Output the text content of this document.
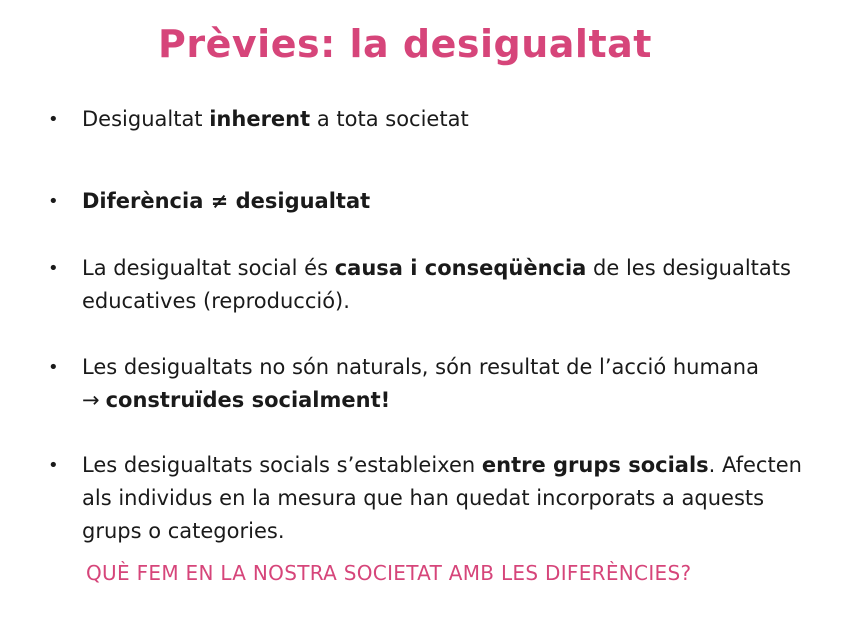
Prèvies: la desigualtat
•	Desigualtat inherent a tota societat
•	Diferència ≠ desigualtat
•	La desigualtat social és causa i conseqüència de les desigualtats educatives (reproducció).
•	Les desigualtats no són naturals, són resultat de l’acció humana
→ construïdes socialment!
•	Les desigualtats socials s’estableixen entre grups socials. Afecten als individus en la mesura que han quedat incorporats a aquests grups o categories.
QUÈ FEM EN LA NOSTRA SOCIETAT AMB LES DIFERÈNCIES?
